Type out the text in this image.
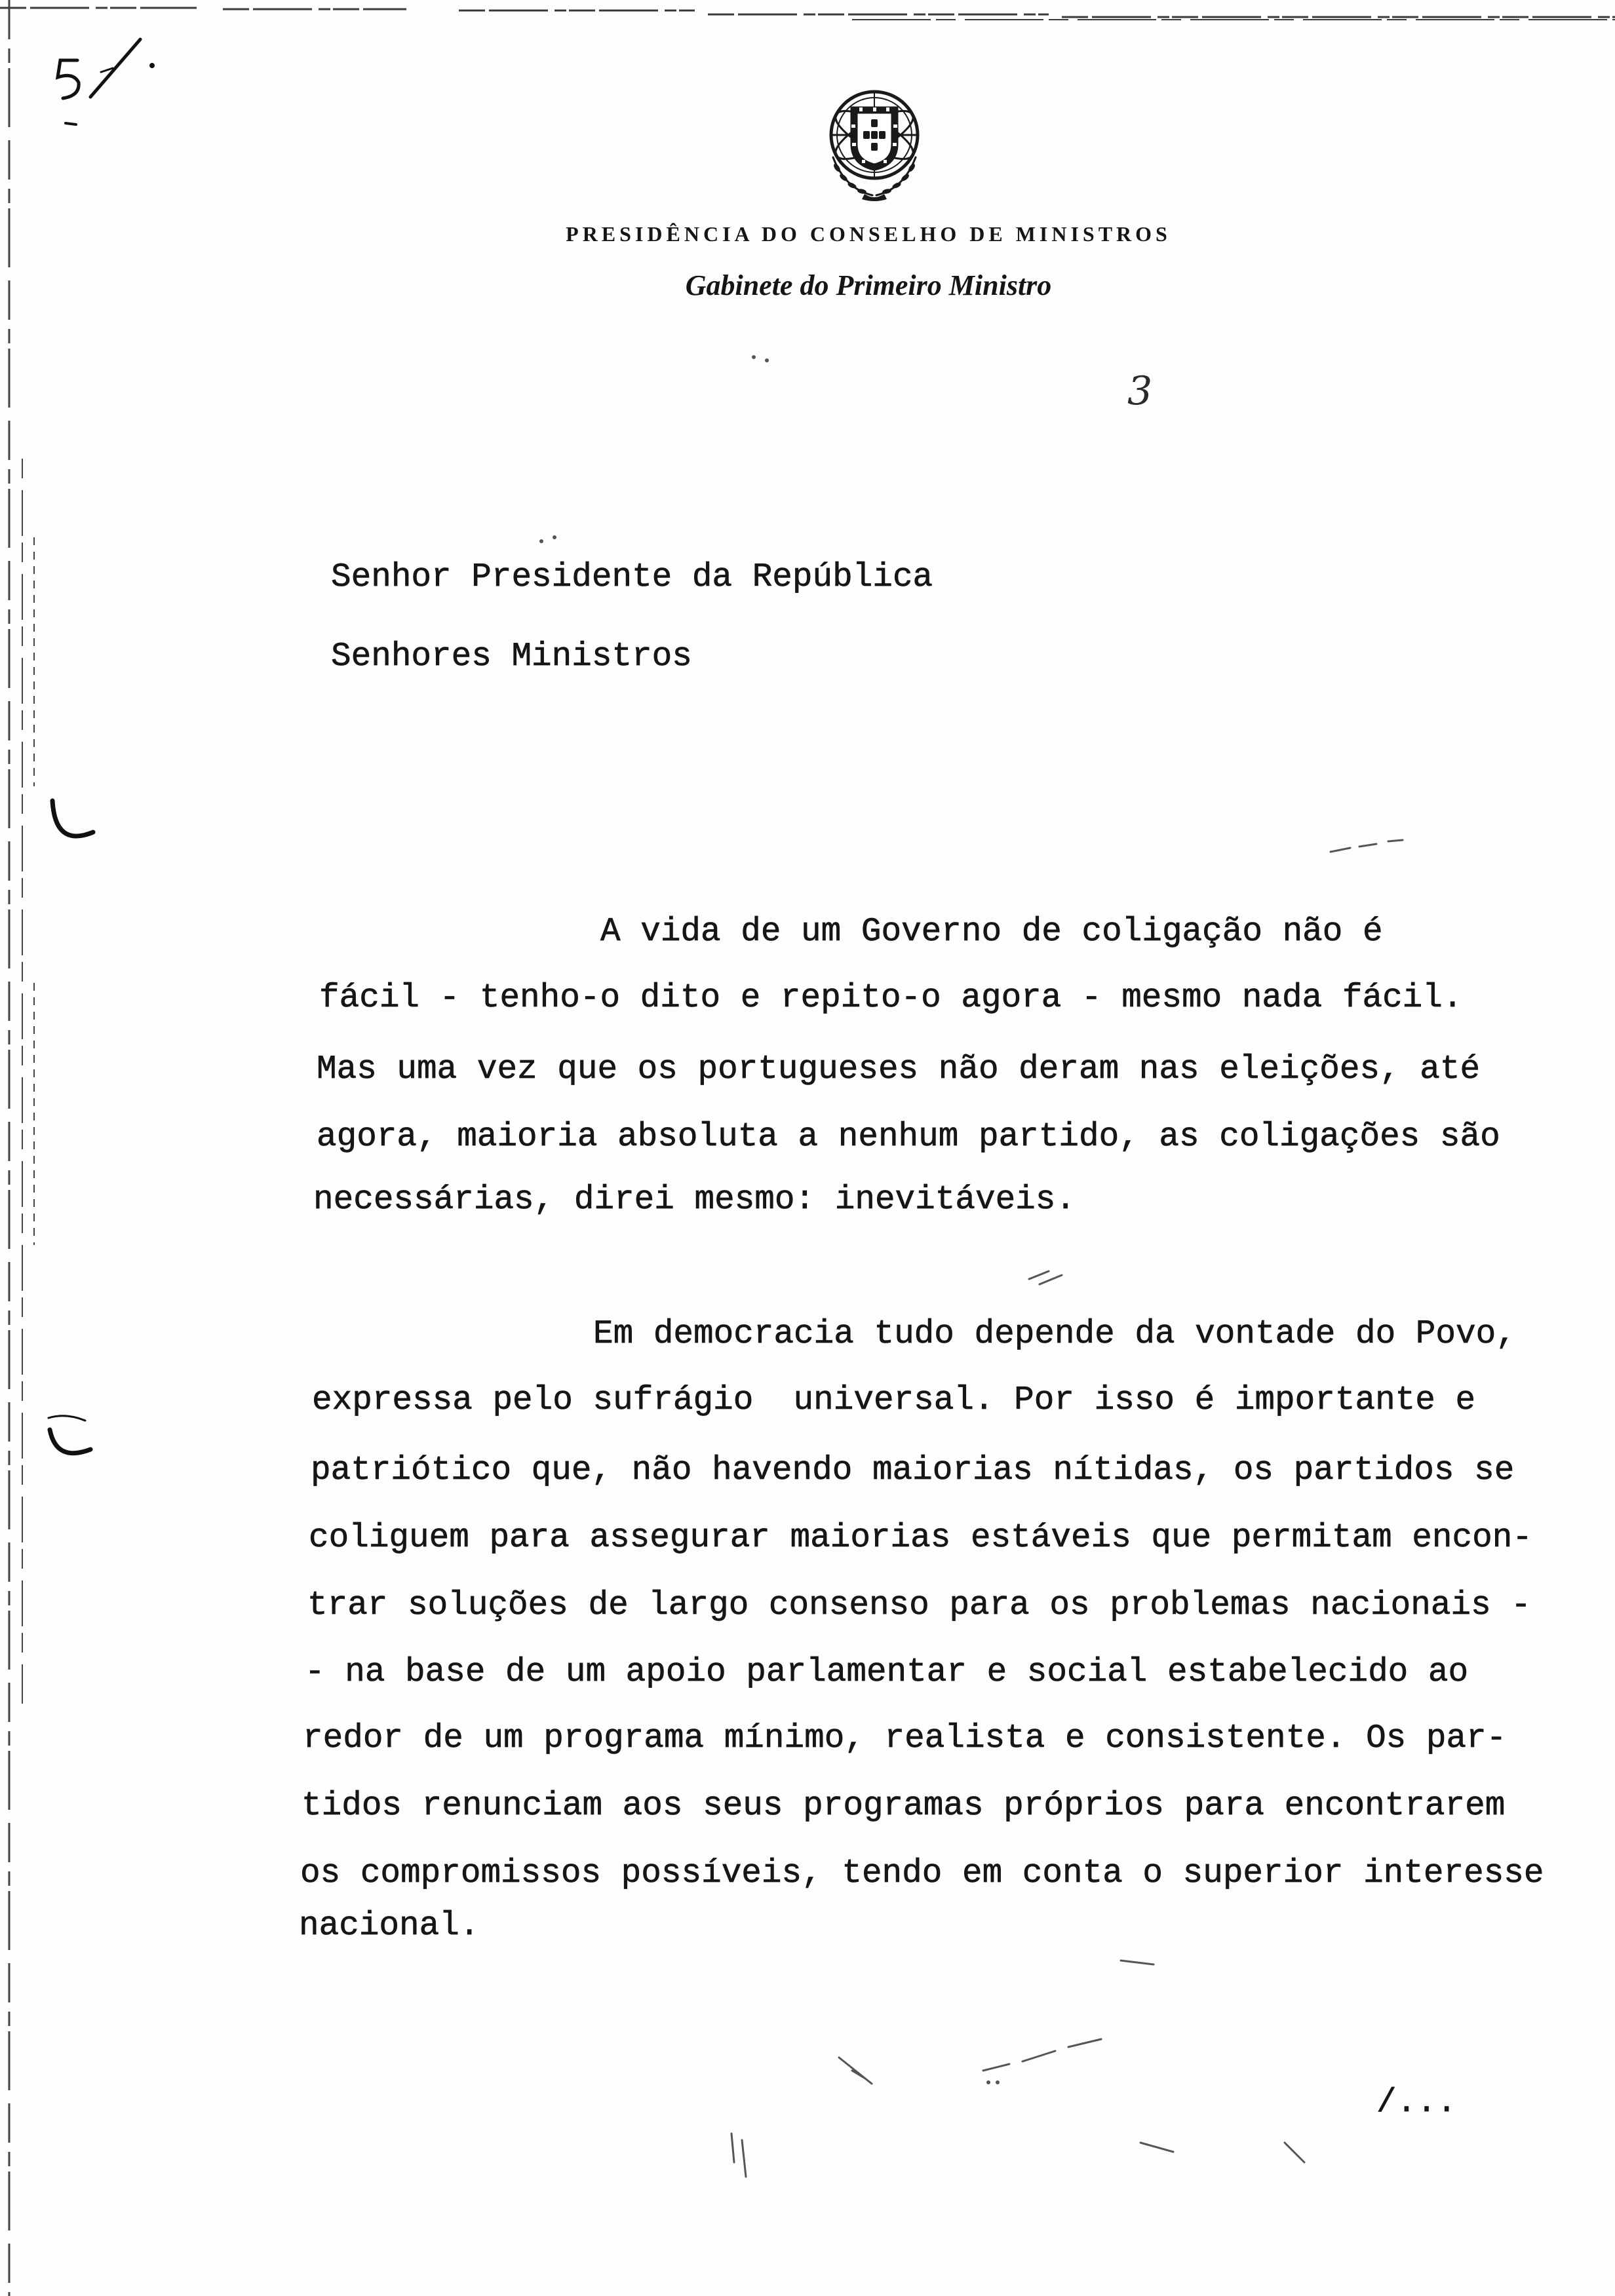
PRESIDÊNCIA DO CONSELHO DE MINISTROS
Gabinete do Primeiro Ministro
3
Senhor Presidente da República
Senhores Ministros
A vida de um Governo de coligação não é
fácil - tenho-o dito e repito-o agora - mesmo nada fácil.
Mas uma vez que os portugueses não deram nas eleições, até
agora, maioria absoluta a nenhum partido, as coligações são
necessárias, direi mesmo: inevitáveis.
Em democracia tudo depende da vontade do Povo,
expressa pelo sufrágio  universal. Por isso é importante e
patriótico que, não havendo maiorias nítidas, os partidos se
coliguem para assegurar maiorias estáveis que permitam encon-
trar soluções de largo consenso para os problemas nacionais -
- na base de um apoio parlamentar e social estabelecido ao
redor de um programa mínimo, realista e consistente. Os par-
tidos renunciam aos seus programas próprios para encontrarem
os compromissos possíveis, tendo em conta o superior interesse
nacional.
/...
